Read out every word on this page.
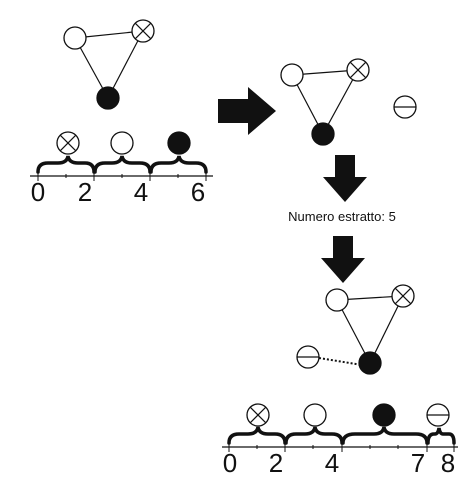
0 2 4 6
Numero estratto: 5
0 2 4	7 8
